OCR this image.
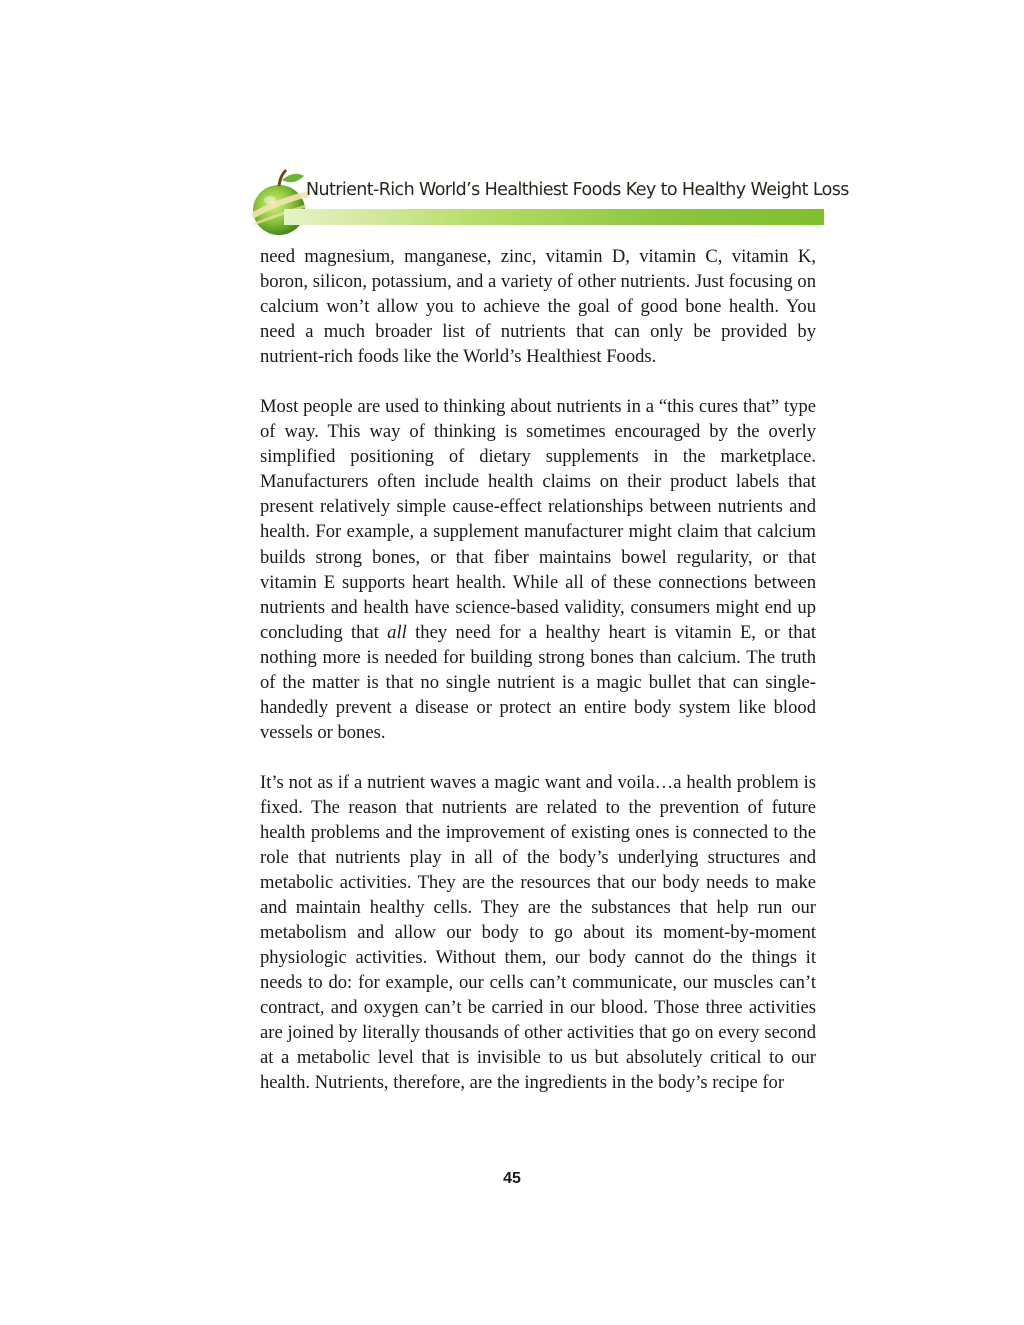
Nutrient-Rich World’s Healthiest Foods Key to Healthy Weight Loss

need magnesium, manganese, zinc, vitamin D, vitamin C, vitamin K, boron, silicon, potassium, and a variety of other nutrients. Just focusing on calcium won’t allow you to achieve the goal of good bone health. You need a much broader list of nutrients that can only be provided by nutrient-rich foods like the World’s Healthiest Foods.

Most people are used to thinking about nutrients in a “this cures that” type of way. This way of thinking is sometimes encouraged by the overly simplified positioning of dietary supplements in the marketplace. Manufacturers often include health claims on their product labels that present relatively simple cause-effect relationships between nutrients and health. For example, a supplement manufacturer might claim that calcium builds strong bones, or that fiber maintains bowel regularity, or that vitamin E supports heart health. While all of these connections between nutrients and health have science-based validity, consumers might end up concluding that all they need for a healthy heart is vitamin E, or that nothing more is needed for building strong bones than calcium. The truth of the matter is that no single nutrient is a magic bullet that can single-handedly prevent a disease or protect an entire body system like blood vessels or bones.

It’s not as if a nutrient waves a magic want and voila…a health problem is fixed. The reason that nutrients are related to the prevention of future health problems and the improvement of existing ones is connected to the role that nutrients play in all of the body’s underlying structures and metabolic activities. They are the resources that our body needs to make and maintain healthy cells. They are the substances that help run our metabolism and allow our body to go about its moment-by-moment physiologic activities. Without them, our body cannot do the things it needs to do: for example, our cells can’t communicate, our muscles can’t contract, and oxygen can’t be carried in our blood. Those three activities are joined by literally thousands of other activities that go on every second at a metabolic level that is invisible to us but absolutely critical to our health. Nutrients, therefore, are the ingredients in the body’s recipe for

45
